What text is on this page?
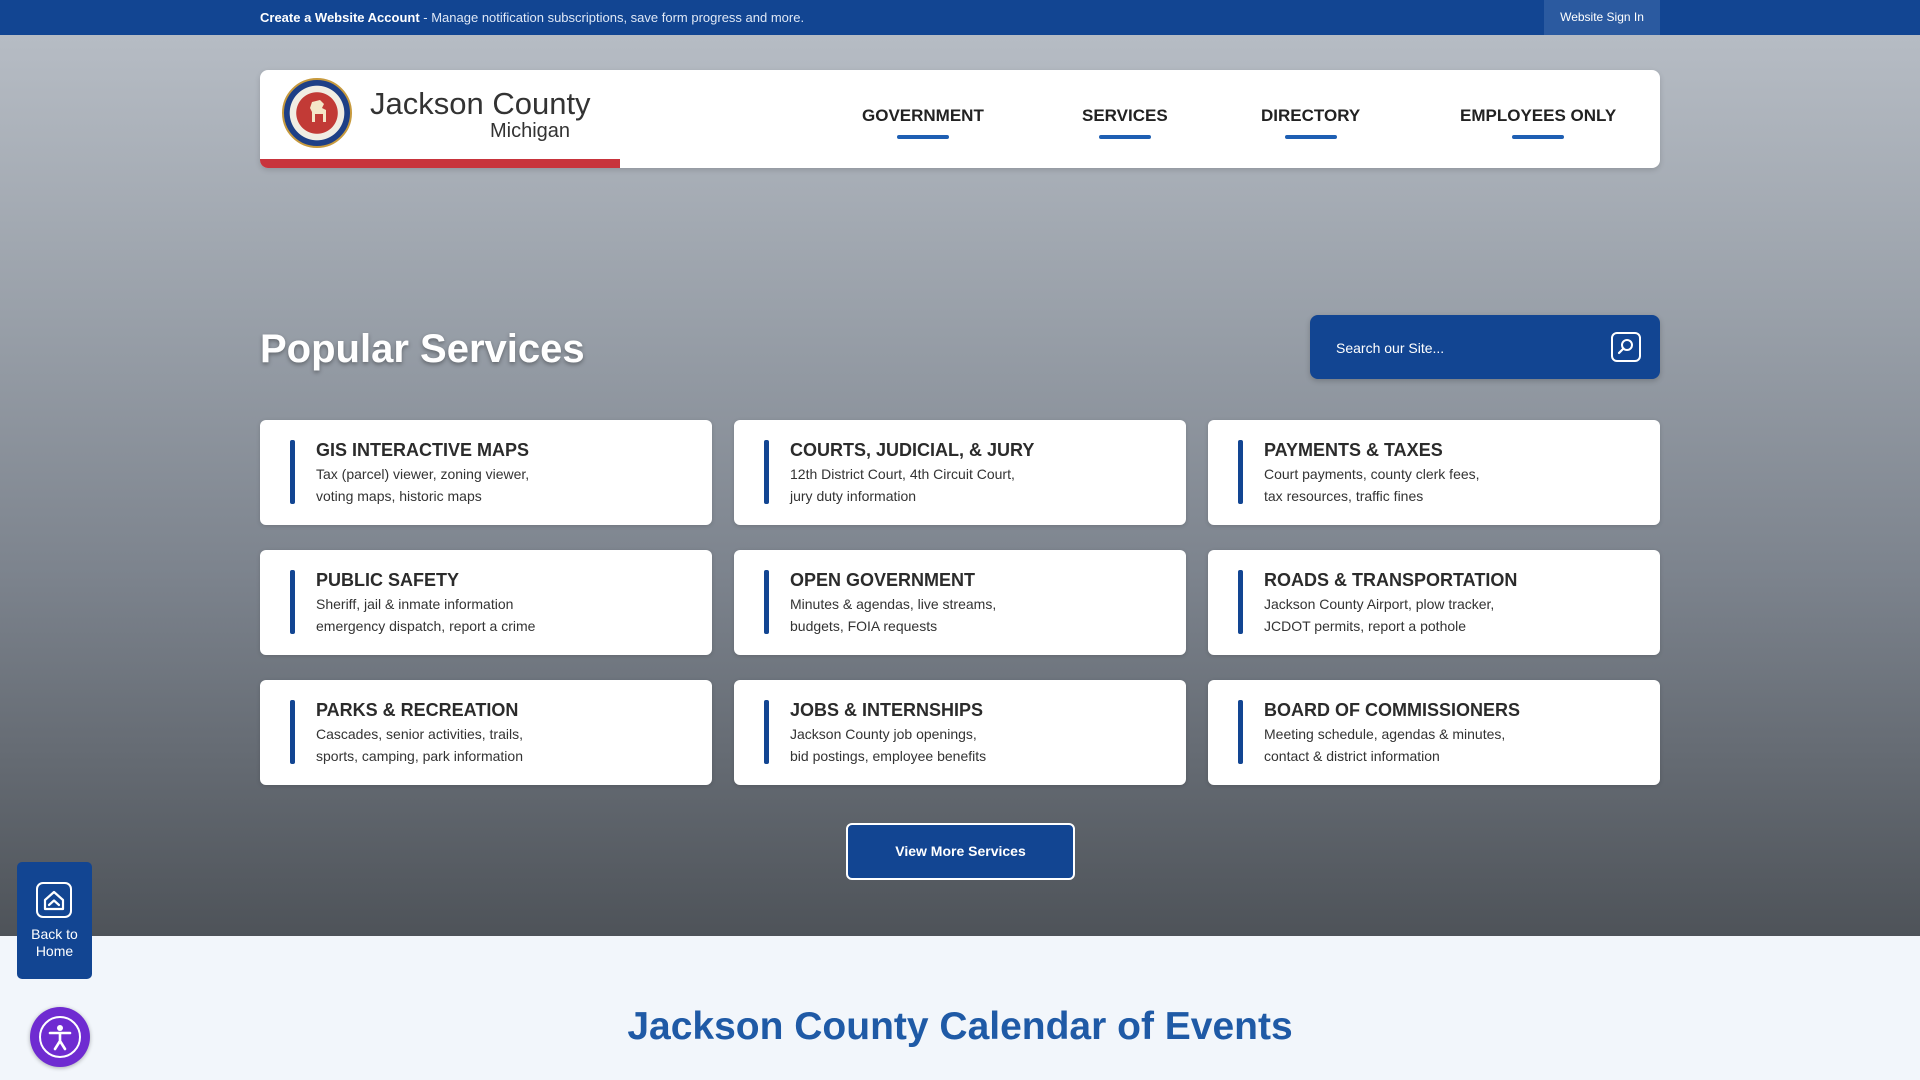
Create a Website Account - Manage notification subscriptions, save form progress and more.	Website Sign In
Jackson County
Michigan
GOVERNMENT	SERVICES	DIRECTORY	EMPLOYEES ONLY
Popular Services
Search our Site...
GIS INTERACTIVE MAPS
Tax (parcel) viewer, zoning viewer,
voting maps, historic maps
COURTS, JUDICIAL, & JURY
12th District Court, 4th Circuit Court,
jury duty information
PAYMENTS & TAXES
Court payments, county clerk fees,
tax resources, traffic fines
PUBLIC SAFETY
Sheriff, jail & inmate information
emergency dispatch, report a crime
OPEN GOVERNMENT
Minutes & agendas, live streams,
budgets, FOIA requests
ROADS & TRANSPORTATION
Jackson County Airport, plow tracker,
JCDOT permits, report a pothole
PARKS & RECREATION
Cascades, senior activities, trails,
sports, camping, park information
JOBS & INTERNSHIPS
Jackson County job openings,
bid postings, employee benefits
BOARD OF COMMISSIONERS
Meeting schedule, agendas & minutes,
contact & district information
View More Services
Back to
Home
Jackson County Calendar of Events
